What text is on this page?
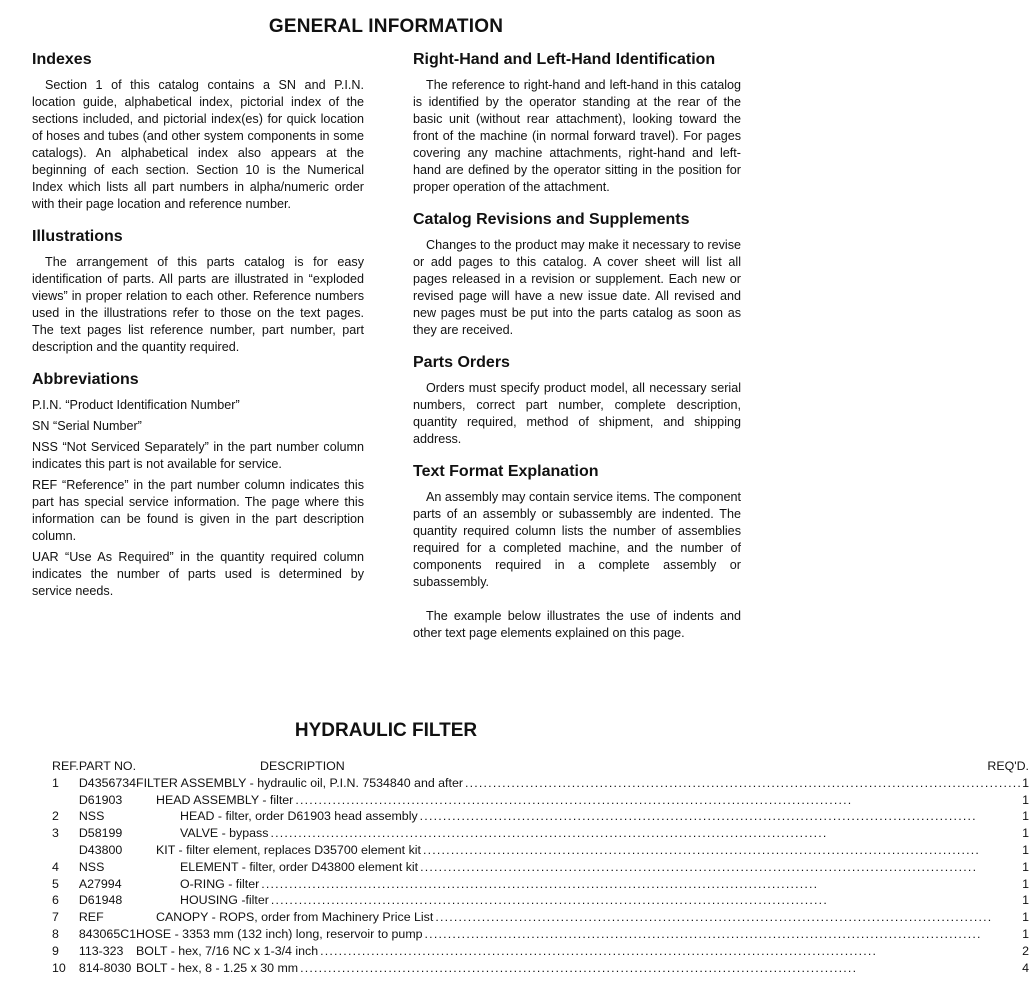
GENERAL INFORMATION
Indexes

Section 1 of this catalog contains a SN and P.I.N. location guide, alphabetical index, pictorial index of the sections included, and pictorial index(es) for quick location of hoses and tubes (and other system components in some catalogs). An alphabetical index also appears at the beginning of each section. Section 10 is the Numerical Index which lists all part numbers in alpha/numeric order with their page location and reference number.

Illustrations

The arrangement of this parts catalog is for easy identification of parts. All parts are illustrated in “exploded views” in proper relation to each other. Reference numbers used in the illustrations refer to those on the text pages. The text pages list reference number, part number, part description and the quantity required.

Abbreviations

P.I.N. “Product Identification Number”

SN “Serial Number”

NSS “Not Serviced Separately” in the part number column indicates this part is not available for service.

REF “Reference” in the part number column indicates this part has special service information. The page where this information can be found is given in the part description column.

UAR “Use As Required” in the quantity required column indicates the number of parts used is determined by service needs.

Right-Hand and Left-Hand Identification

The reference to right-hand and left-hand in this catalog is identified by the operator standing at the rear of the basic unit (without rear attachment), looking toward the front of the machine (in normal forward travel). For pages covering any machine attachments, right-hand and left-hand are defined by the operator sitting in the position for proper operation of the attachment.

Catalog Revisions and Supplements

Changes to the product may make it necessary to revise or add pages to this catalog. A cover sheet will list all pages released in a revision or supplement. Each new or revised page will have a new issue date. All revised and new pages must be put into the parts catalog as soon as they are received.

Parts Orders

Orders must specify product model, all necessary serial numbers, correct part number, complete description, quantity required, method of shipment, and shipping address.

Text Format Explanation

An assembly may contain service items. The component parts of an assembly or subassembly are indented. The quantity required column lists the number of assemblies required for a completed machine, and the number of components required in a complete assembly or subassembly.

The example below illustrates the use of indents and other text page elements explained on this page.

HYDRAULIC FILTER
REF.	PART NO.	DESCRIPTION REQ'D.

1	D4356734	FILTER ASSEMBLY - hydraulic oil, P.I.N. 7534840 and after ........................................................................................................................ 1

	D61903	HEAD ASSEMBLY - filter ........................................................................................................................ 1

2	NSS	HEAD - filter, order D61903 head assembly ........................................................................................................................ 1

3	D58199	VALVE - bypass ........................................................................................................................ 1

	D43800	KIT - filter element, replaces D35700 element kit ........................................................................................................................ 1

4	NSS	ELEMENT - filter, order D43800 element kit ........................................................................................................................ 1

5	A27994	O-RING - filter ........................................................................................................................ 1

6	D61948	HOUSING -filter ........................................................................................................................ 1

7	REF	CANOPY - ROPS, order from Machinery Price List ........................................................................................................................ 1

8	843065C1	HOSE - 3353 mm (132 inch) long, reservoir to pump ........................................................................................................................ 1

9	113-323	BOLT - hex, 7/16 NC x 1-3/4 inch ........................................................................................................................ 2

10	814-8030	BOLT - hex, 8 - 1.25 x 30 mm ........................................................................................................................ 4
